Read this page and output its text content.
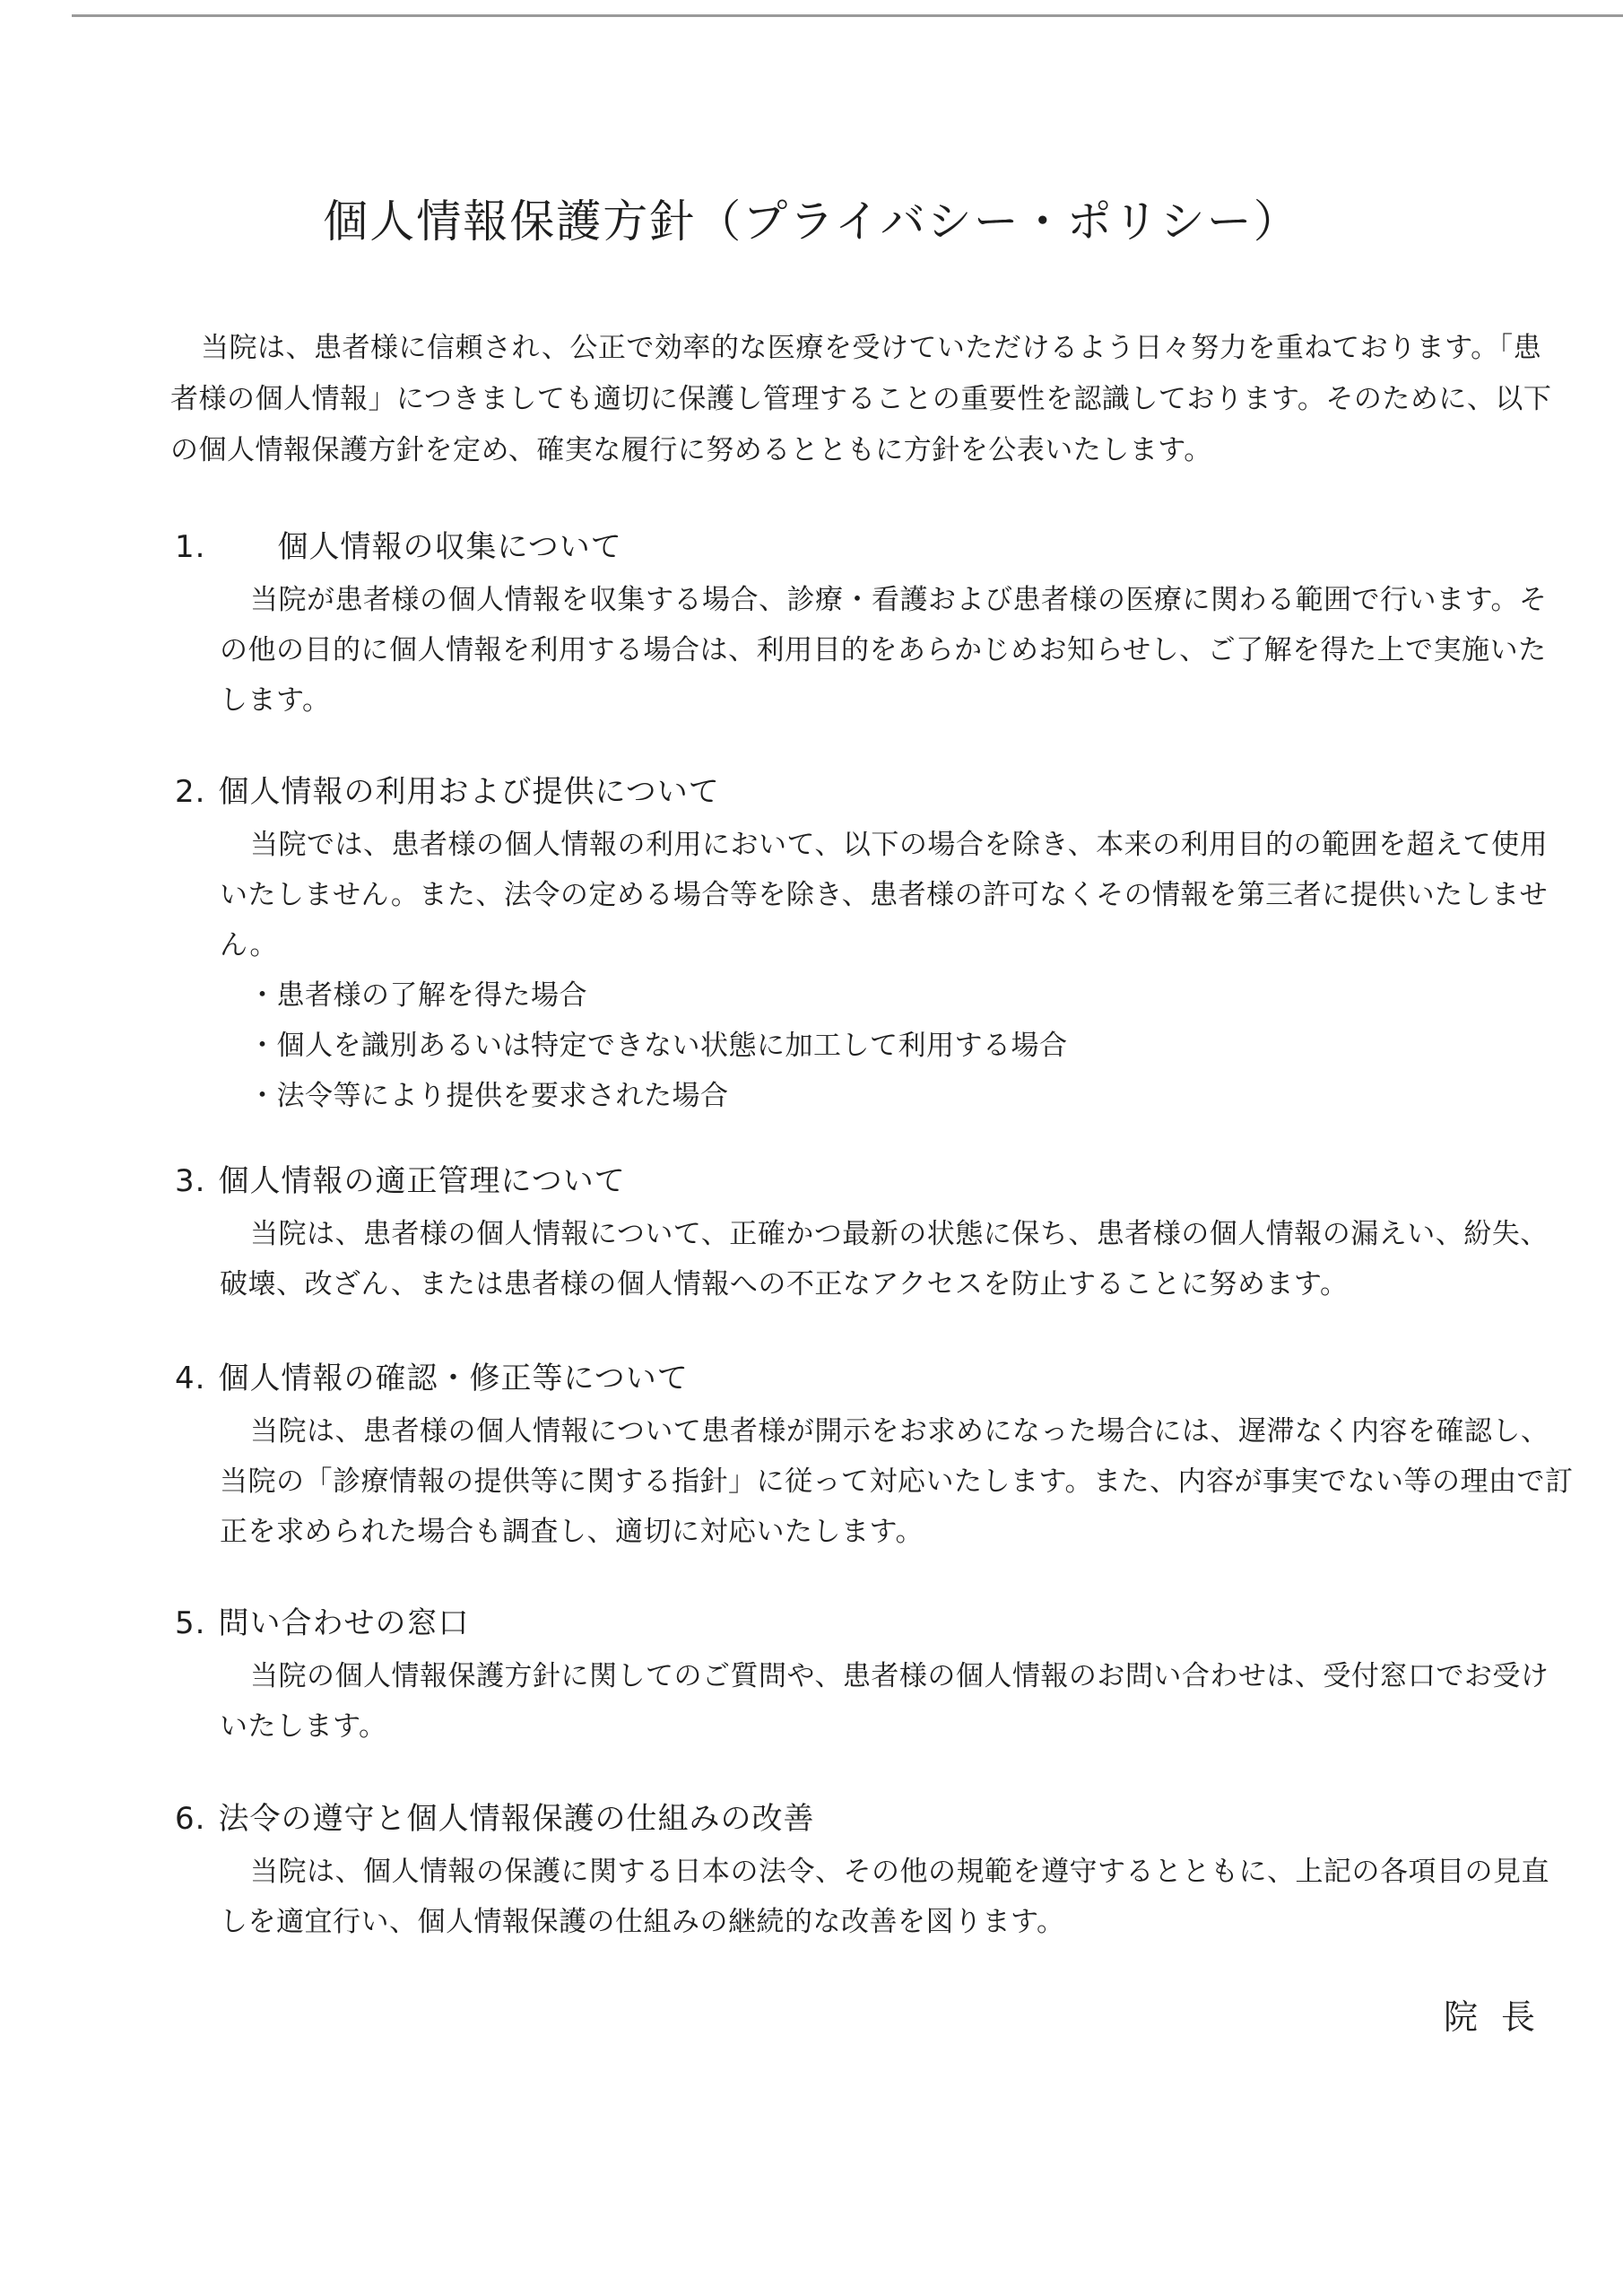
個人情報保護方針（プライバシー・ポリシー）

当院は、患者様に信頼され、公正で効率的な医療を受けていただけるよう日々努力を重ねております。「患者様の個人情報」につきましても適切に保護し管理することの重要性を認識しております。そのために、以下の個人情報保護方針を定め、確実な履行に努めるとともに方針を公表いたします。

1. 個人情報の収集について

当院が患者様の個人情報を収集する場合、診療・看護および患者様の医療に関わる範囲で行います。その他の目的に個人情報を利用する場合は、利用目的をあらかじめお知らせし、ご了解を得た上で実施いたします。

2. 個人情報の利用および提供について

当院では、患者様の個人情報の利用において、以下の場合を除き、本来の利用目的の範囲を超えて使用いたしません。また、法令の定める場合等を除き、患者様の許可なくその情報を第三者に提供いたしません。

・ 患者様の了解を得た場合
・ 個人を識別あるいは特定できない状態に加工して利用する場合
・ 法令等により提供を要求された場合
3. 個人情報の適正管理について

当院は、患者様の個人情報について、正確かつ最新の状態に保ち、患者様の個人情報の漏えい、紛失、破壊、改ざん、または患者様の個人情報への不正なアクセスを防止することに努めます。

4. 個人情報の確認・修正等について

当院は、患者様の個人情報について患者様が開示をお求めになった場合には、遅滞なく内容を確認し、当院の「診療情報の提供等に関する指針」に従って対応いたします。また、内容が事実でない等の理由で訂正を求められた場合も調査し、適切に対応いたします。

5. 問い合わせの窓口

当院の個人情報保護方針に関してのご質問や、患者様の個人情報のお問い合わせは、受付窓口でお受けいたします。

6. 法令の遵守と個人情報保護の仕組みの改善

当院は、個人情報の保護に関する日本の法令、その他の規範を遵守するとともに、上記の各項目の見直しを適宜行い、個人情報保護の仕組みの継続的な改善を図ります。

院長
